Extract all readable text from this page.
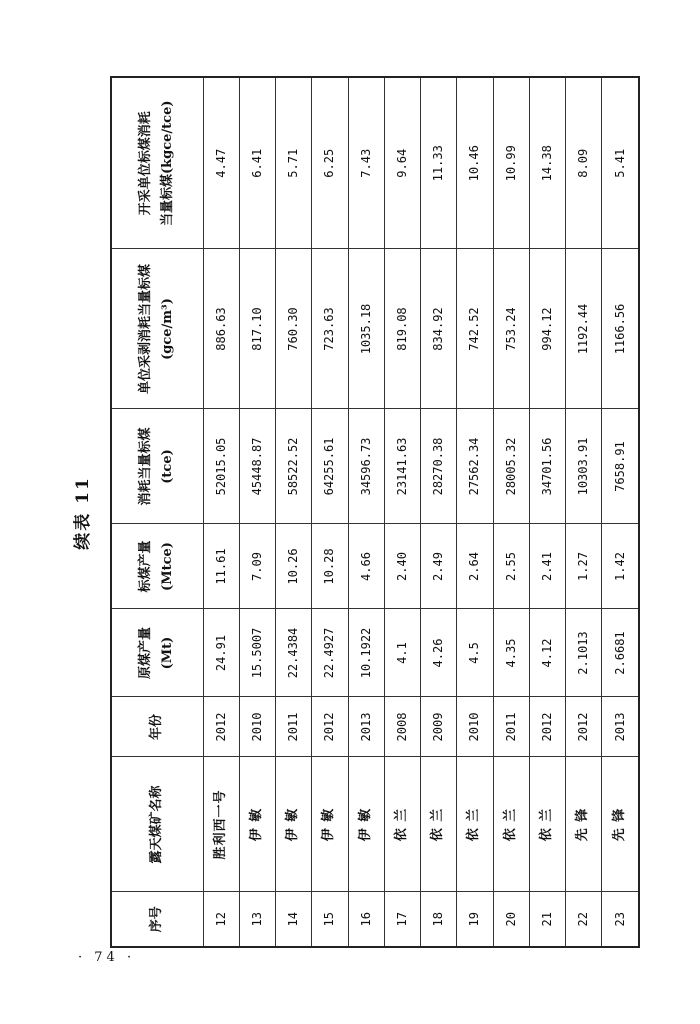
续表 11
序号	露天煤矿名称	年份	原煤产量 (Mt)	标煤产量 (Mtce)	消耗当量标煤 (tce)	单位采剥消耗当量标煤 (gce/m³)	开采单位标煤消耗 当量标煤(kgce/tce)
12	胜利西一号	2012	24.91	11.61	52015.05	886.63	4.47
13	伊 敏	2010	15.5007	7.09	45448.87	817.10	6.41
14	伊 敏	2011	22.4384	10.26	58522.52	760.30	5.71
15	伊 敏	2012	22.4927	10.28	64255.61	723.63	6.25
16	伊 敏	2013	10.1922	4.66	34596.73	1035.18	7.43
17	依 兰	2008	4.1	2.40	23141.63	819.08	9.64
18	依 兰	2009	4.26	2.49	28270.38	834.92	11.33
19	依 兰	2010	4.5	2.64	27562.34	742.52	10.46
20	依 兰	2011	4.35	2.55	28005.32	753.24	10.99
21	依 兰	2012	4.12	2.41	34701.56	994.12	14.38
22	先 锋	2012	2.1013	1.27	10303.91	1192.44	8.09
23	先 锋	2013	2.6681	1.42	7658.91	1166.56	5.41
· 74 ·
